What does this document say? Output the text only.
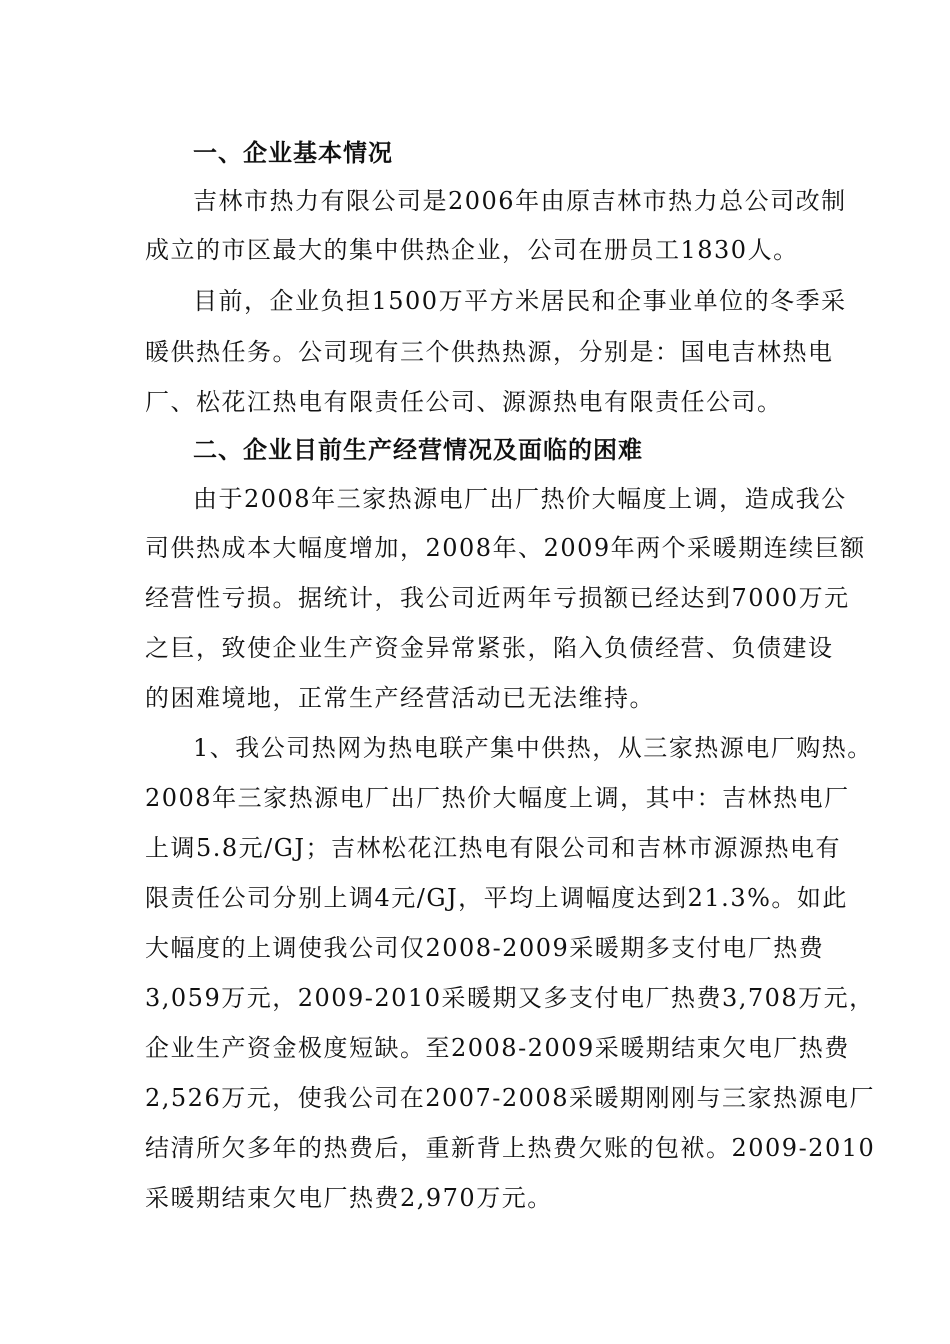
一、企业基本情况
吉林市热力有限公司是2006年由原吉林市热力总公司改制
成立的市区最大的集中供热企业，公司在册员工1830人。
目前，企业负担1500万平方米居民和企事业单位的冬季采
暖供热任务。公司现有三个供热热源，分别是：国电吉林热电
厂、松花江热电有限责任公司、源源热电有限责任公司。
二、企业目前生产经营情况及面临的困难
由于2008年三家热源电厂出厂热价大幅度上调，造成我公
司供热成本大幅度增加，2008年、2009年两个采暖期连续巨额
经营性亏损。据统计，我公司近两年亏损额已经达到7000万元
之巨，致使企业生产资金异常紧张，陷入负债经营、负债建设
的困难境地，正常生产经营活动已无法维持。
1、我公司热网为热电联产集中供热，从三家热源电厂购热。
2008年三家热源电厂出厂热价大幅度上调，其中：吉林热电厂
上调5.8元/GJ；吉林松花江热电有限公司和吉林市源源热电有
限责任公司分别上调4元/GJ，平均上调幅度达到21.3%。如此
大幅度的上调使我公司仅2008-2009采暖期多支付电厂热费
3,059万元，2009-2010采暖期又多支付电厂热费3,708万元，
企业生产资金极度短缺。至2008-2009采暖期结束欠电厂热费
2,526万元，使我公司在2007-2008采暖期刚刚与三家热源电厂
结清所欠多年的热费后，重新背上热费欠账的包袱。2009-2010
采暖期结束欠电厂热费2,970万元。
